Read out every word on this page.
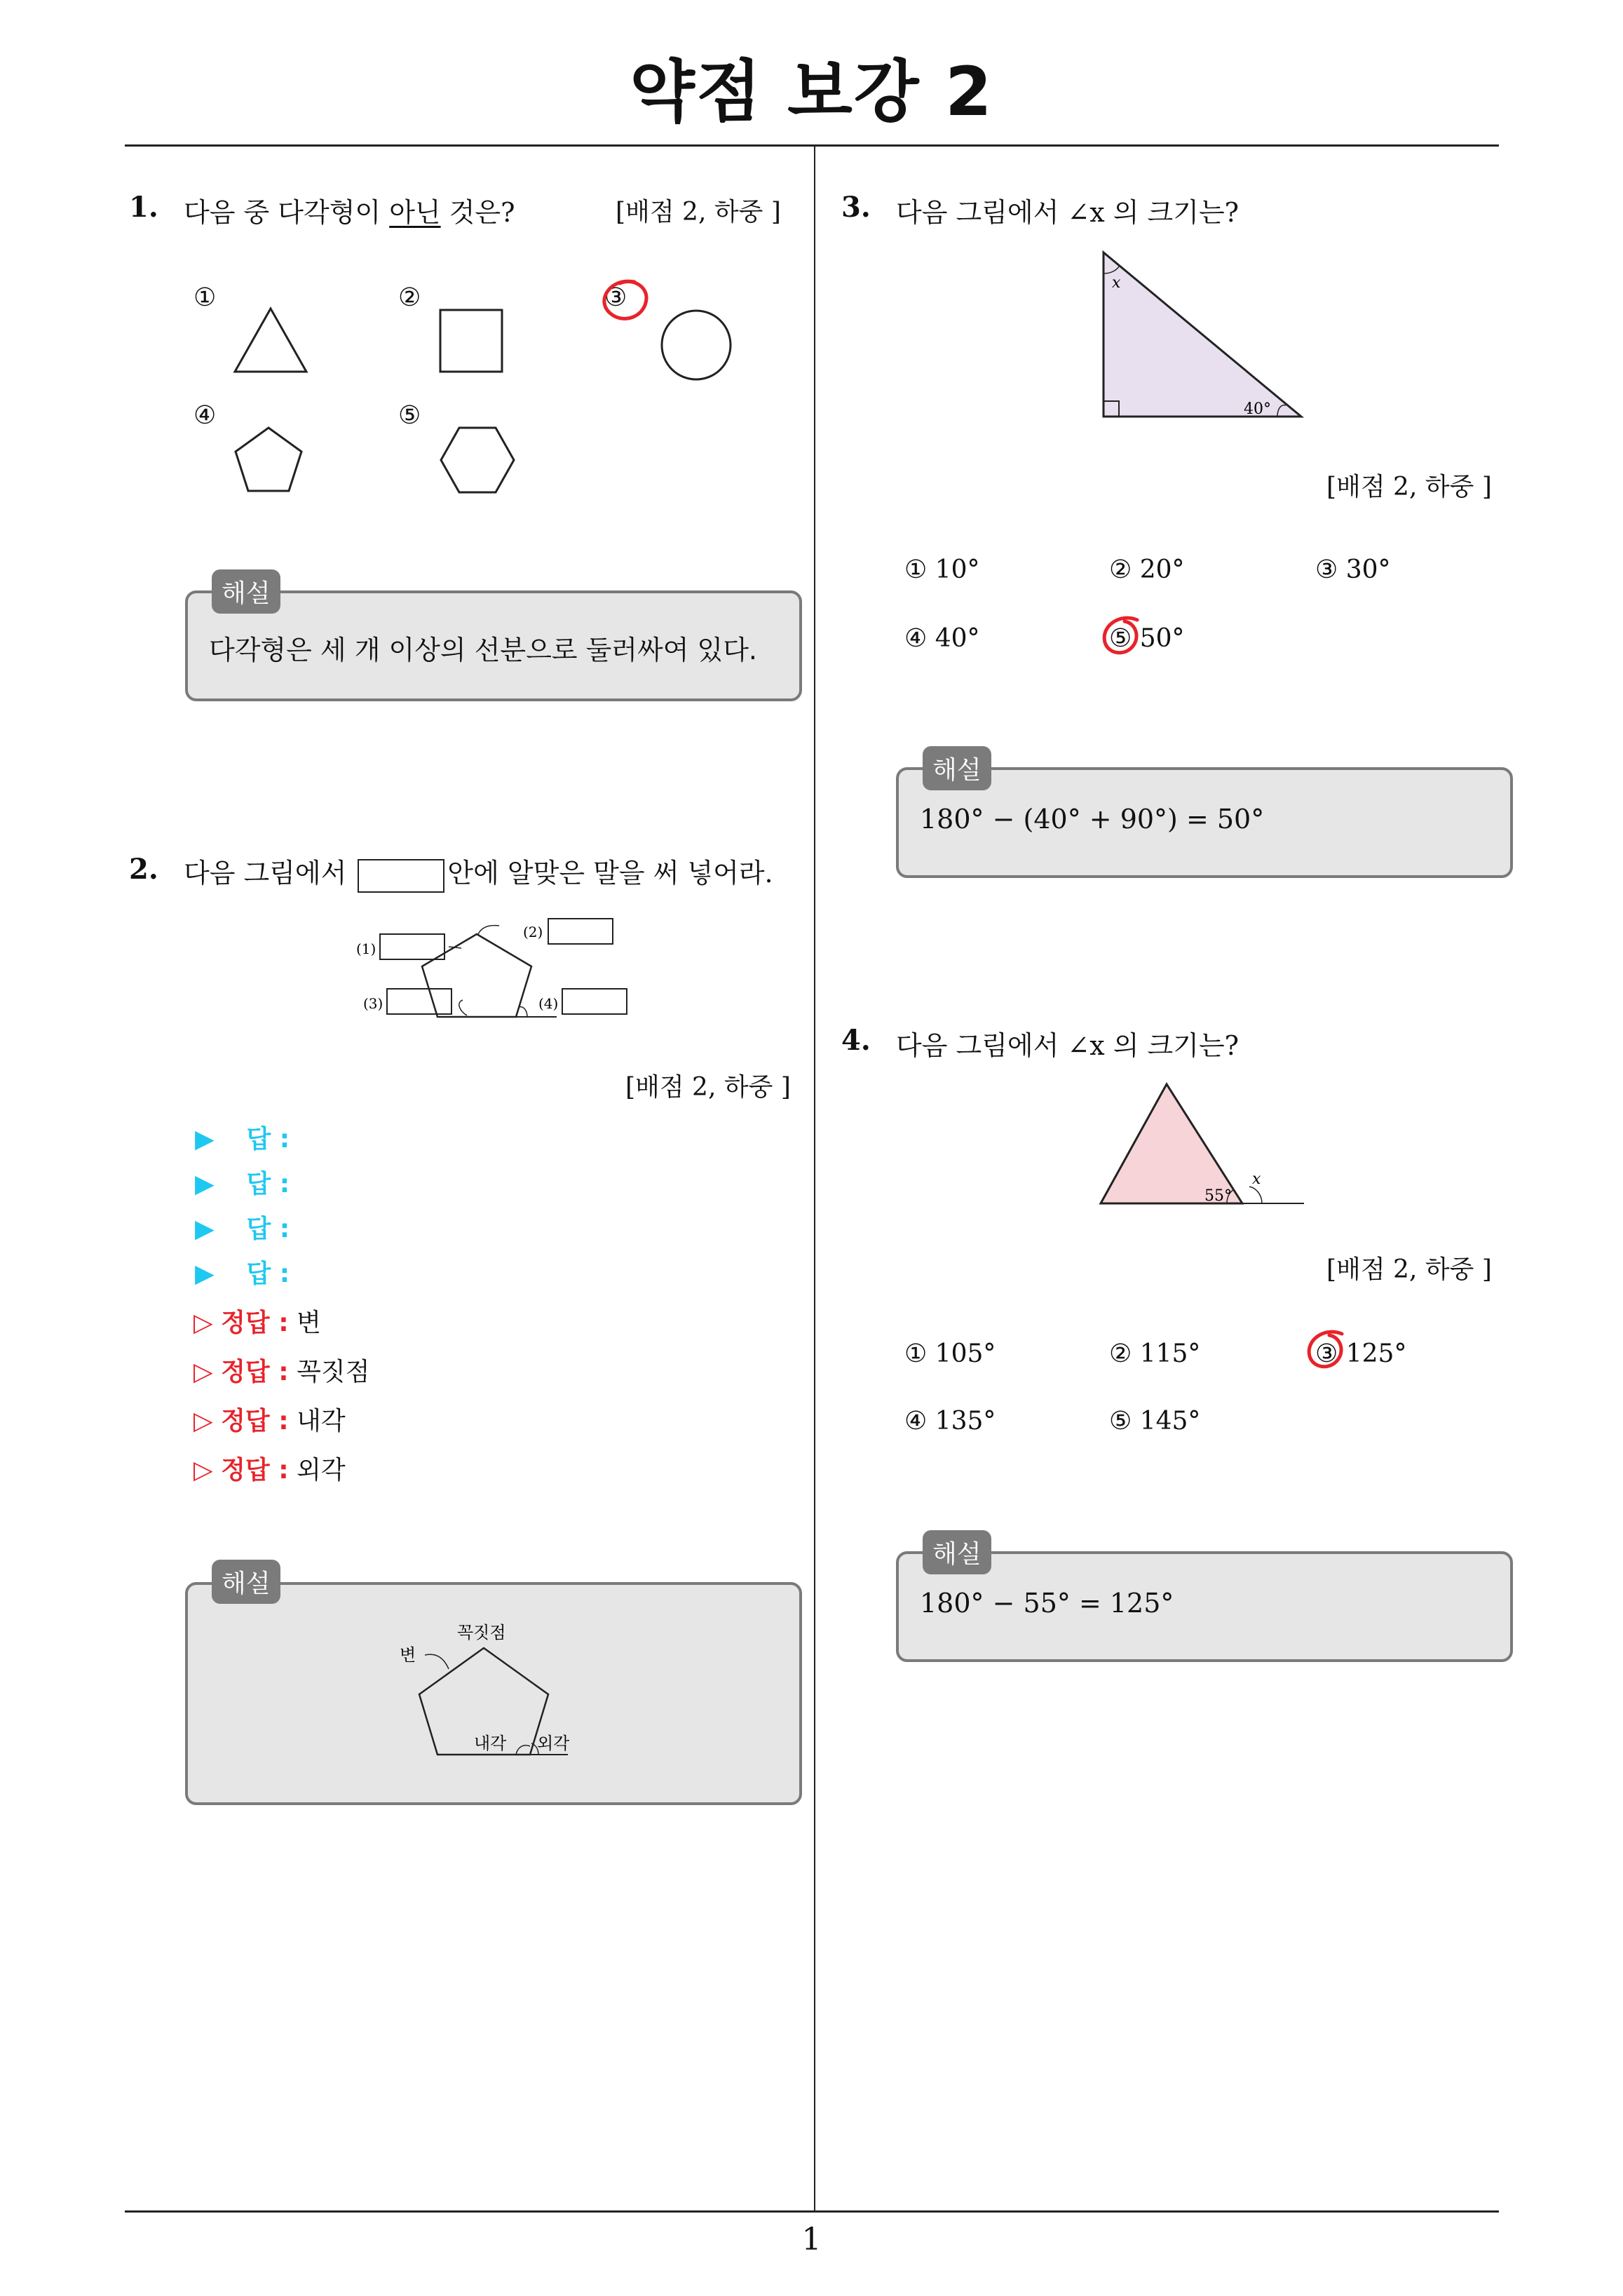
약점 보강 2
1
1. 다음 중 다각형이 아닌 것은?	[배점 2, 하중 ]
①	②	③
④	⑤
해설
다각형은 세 개 이상의 선분으로 둘러싸여 있다.
2. 다음 그림에서	안에 알맞은 말을 써 넣어라.
(1)
(2)
(3)	(4)
[배점 2, 하중 ]
▶ 답 :
▶ 답 :
▶ 답 :
▶ 답 :
▷ 정답 : 변
▷ 정답 : 꼭짓점
▷ 정답 : 내각
▷ 정답 : 외각
해설
꼭짓점
변
내각 외각
3. 다음 그림에서 ∠x 의 크기는?
x
40°
[배점 2, 하중 ]
① 10°	② 20°	③ 30°
④ 40°	⑤ 50°
해설
180° − (40° + 90°) = 50°
4. 다음 그림에서 ∠x 의 크기는?
55°
x
[배점 2, 하중 ]
① 105°	② 115°	③ 125°
④ 135°	⑤ 145°
해설
180° − 55° = 125°
